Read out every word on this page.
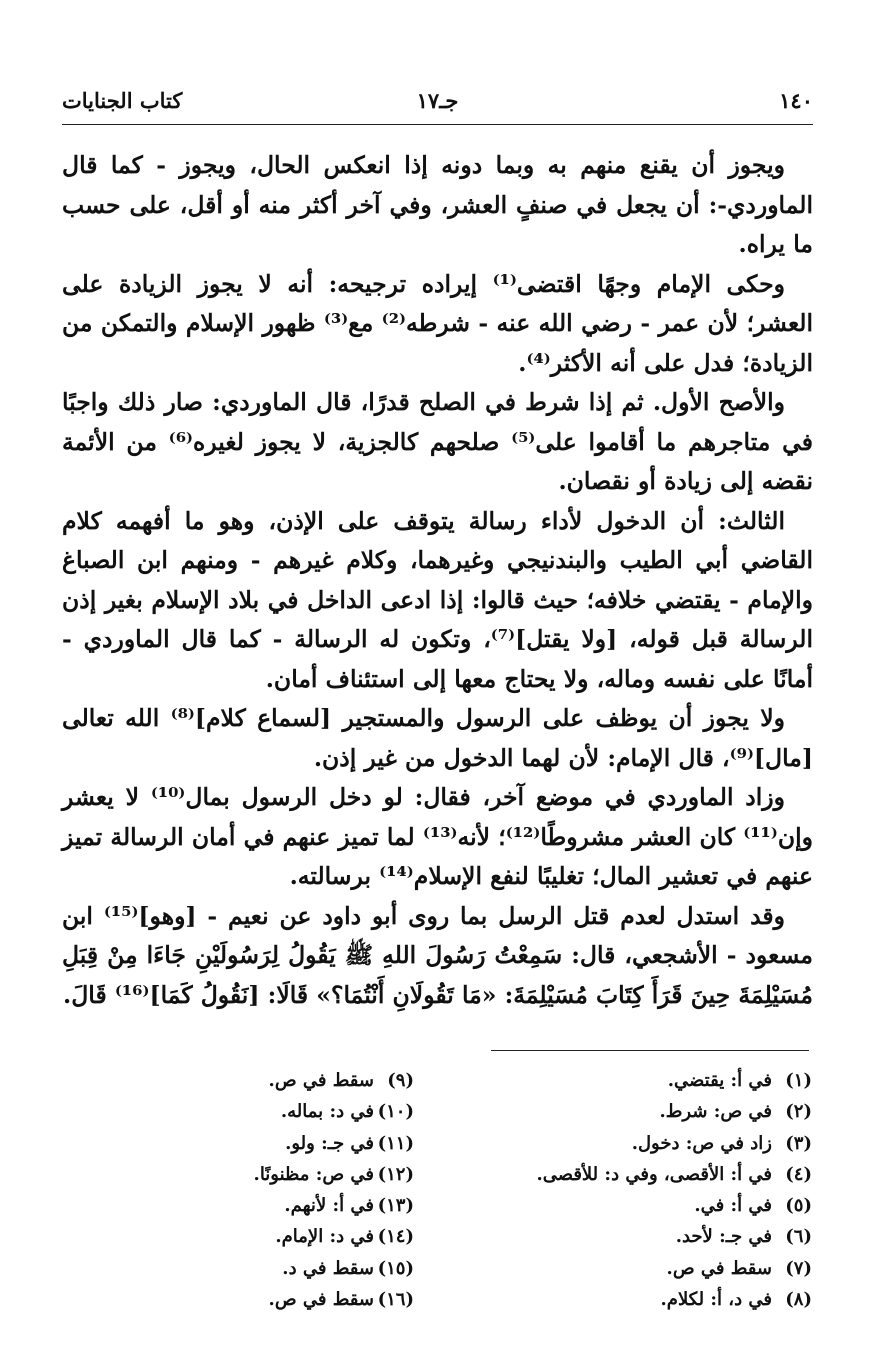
١٤٠
جـ١٧
كتاب الجنايات

ويجوز أن يقنع منهم به وبما دونه إذا انعكس الحال، ويجوز - كما قال الماوردي-: أن يجعل في صنفٍ العشر، وفي آخر أكثر منه أو أقل، على حسب ما يراه.

وحكى الإمام وجهًا اقتضى⁽¹⁾ إيراده ترجيحه: أنه لا يجوز الزيادة على العشر؛ لأن عمر - رضي الله عنه - شرطه⁽²⁾ مع⁽³⁾ ظهور الإسلام والتمكن من الزيادة؛ فدل على أنه الأكثر⁽⁴⁾.

والأصح الأول. ثم إذا شرط في الصلح قدرًا، قال الماوردي: صار ذلك واجبًا في متاجرهم ما أقاموا على⁽⁵⁾ صلحهم كالجزية، لا يجوز لغيره⁽⁶⁾ من الأئمة نقضه إلى زيادة أو نقصان.

الثالث: أن الدخول لأداء رسالة يتوقف على الإذن، وهو ما أفهمه كلام القاضي أبي الطيب والبندنيجي وغيرهما، وكلام غيرهم - ومنهم ابن الصباغ والإمام - يقتضي خلافه؛ حيث قالوا: إذا ادعى الداخل في بلاد الإسلام بغير إذن الرسالة قبل قوله، [ولا يقتل]⁽⁷⁾، وتكون له الرسالة - كما قال الماوردي - أمانًا على نفسه وماله، ولا يحتاج معها إلى استئناف أمان.

ولا يجوز أن يوظف على الرسول والمستجير [لسماع كلام]⁽⁸⁾ الله تعالى [مال]⁽⁹⁾، قال الإمام: لأن لهما الدخول من غير إذن.

وزاد الماوردي في موضع آخر، فقال: لو دخل الرسول بمال⁽¹⁰⁾ لا يعشر وإن⁽¹¹⁾ كان العشر مشروطًا⁽¹²⁾؛ لأنه⁽¹³⁾ لما تميز عنهم في أمان الرسالة تميز عنهم في تعشير المال؛ تغليبًا لنفع الإسلام⁽¹⁴⁾ برسالته.

وقد استدل لعدم قتل الرسل بما روى أبو داود عن نعيم - [وهو]⁽¹⁵⁾ ابن مسعود - الأشجعي، قال: سَمِعْتُ رَسُولَ اللهِ ﷺ يَقُولُ لِرَسُولَيْنِ جَاءَا مِنْ قِبَلِ مُسَيْلِمَةَ حِينَ قَرَأَ كِتَابَ مُسَيْلِمَةَ: «مَا تَقُولَانِ أَنْتُمَا؟» قَالَا: [نَقُولُ كَمَا]⁽¹⁶⁾ قَالَ.

(١)في أ: يقتضي.
(٢)في ص: شرط.
(٣)زاد في ص: دخول.
(٤)في أ: الأقصى، وفي د: للأقصى.
(٥)في أ: في.
(٦)في جـ: لأحد.
(٧)سقط في ص.
(٨)في د، أ: لكلام.
(٩)سقط في ص.
(١٠)في د: بماله.
(١١)في جـ: ولو.
(١٢)في ص: مظنونًا.
(١٣)في أ: لأنهم.
(١٤)في د: الإمام.
(١٥)سقط في د.
(١٦)سقط في ص.
